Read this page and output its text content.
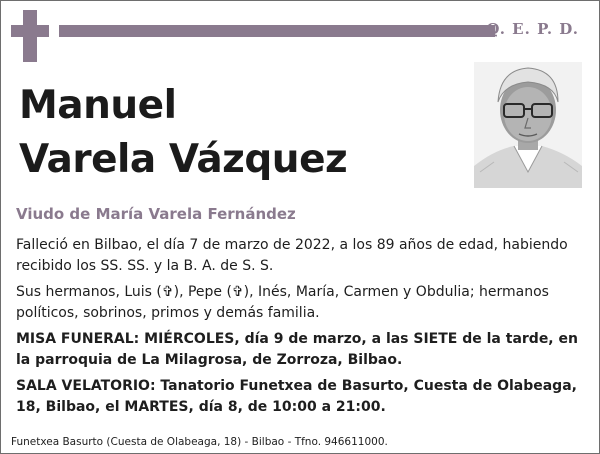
Q. E. P. D.
Manuel
Varela Vázquez
Viudo de María Varela Fernández

Falleció en Bilbao, el día 7 de marzo de 2022, a los 89 años de edad, habiendo recibido los SS. SS. y la B. A. de S. S.

Sus hermanos, Luis (✞), Pepe (✞), Inés, María, Carmen y Obdulia; hermanos políticos, sobrinos, primos y demás familia.

MISA FUNERAL: MIÉRCOLES, día 9 de marzo, a las SIETE de la tarde, en la parroquia de La Milagrosa, de Zorroza, Bilbao.

SALA VELATORIO: Tanatorio Funetxea de Basurto, Cuesta de Olabeaga, 18, Bilbao, el MARTES, día 8, de 10:00 a 21:00.

Funetxea Basurto (Cuesta de Olabeaga, 18) - Bilbao - Tfno. 946611000.
